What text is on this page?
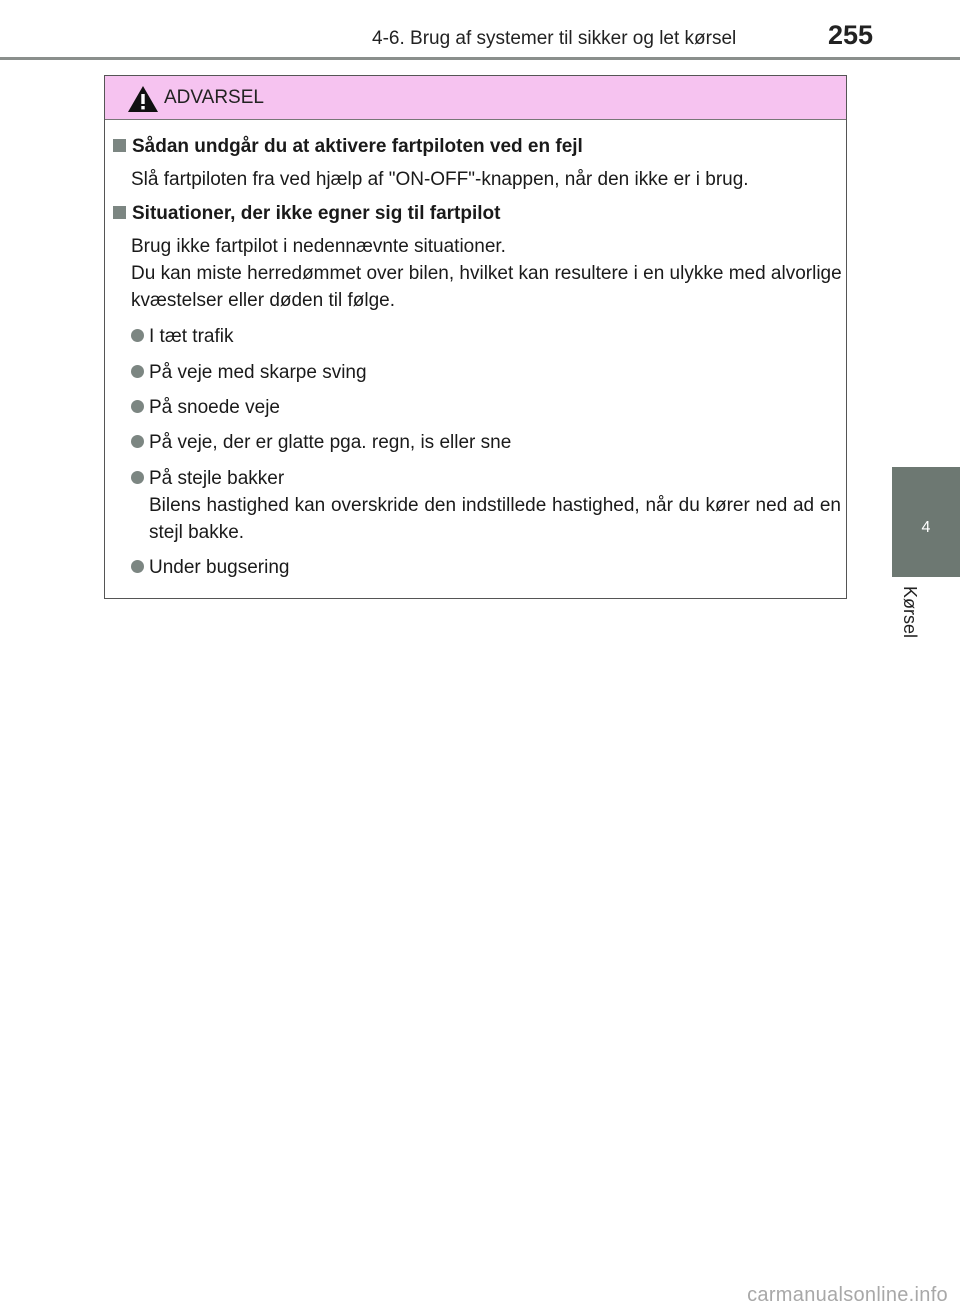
4-6. Brug af systemer til sikker og let kørsel	255
4
Kørsel
ADVARSEL
Sådan undgår du at aktivere fartpiloten ved en fejl
Slå fartpiloten fra ved hjælp af "ON-OFF"-knappen, når den ikke er i brug.
Situationer, der ikke egner sig til fartpilot
Brug ikke fartpilot i nedennævnte situationer.
Du kan miste herredømmet over bilen, hvilket kan resultere i en ulykke med alvorlige kvæstelser eller døden til følge.
I tæt trafik
På veje med skarpe sving
På snoede veje
På veje, der er glatte pga. regn, is eller sne
På stejle bakker
Bilens hastighed kan overskride den indstillede hastighed, når du kører ned ad en stejl bakke.
Under bugsering
carmanualsonline.info
